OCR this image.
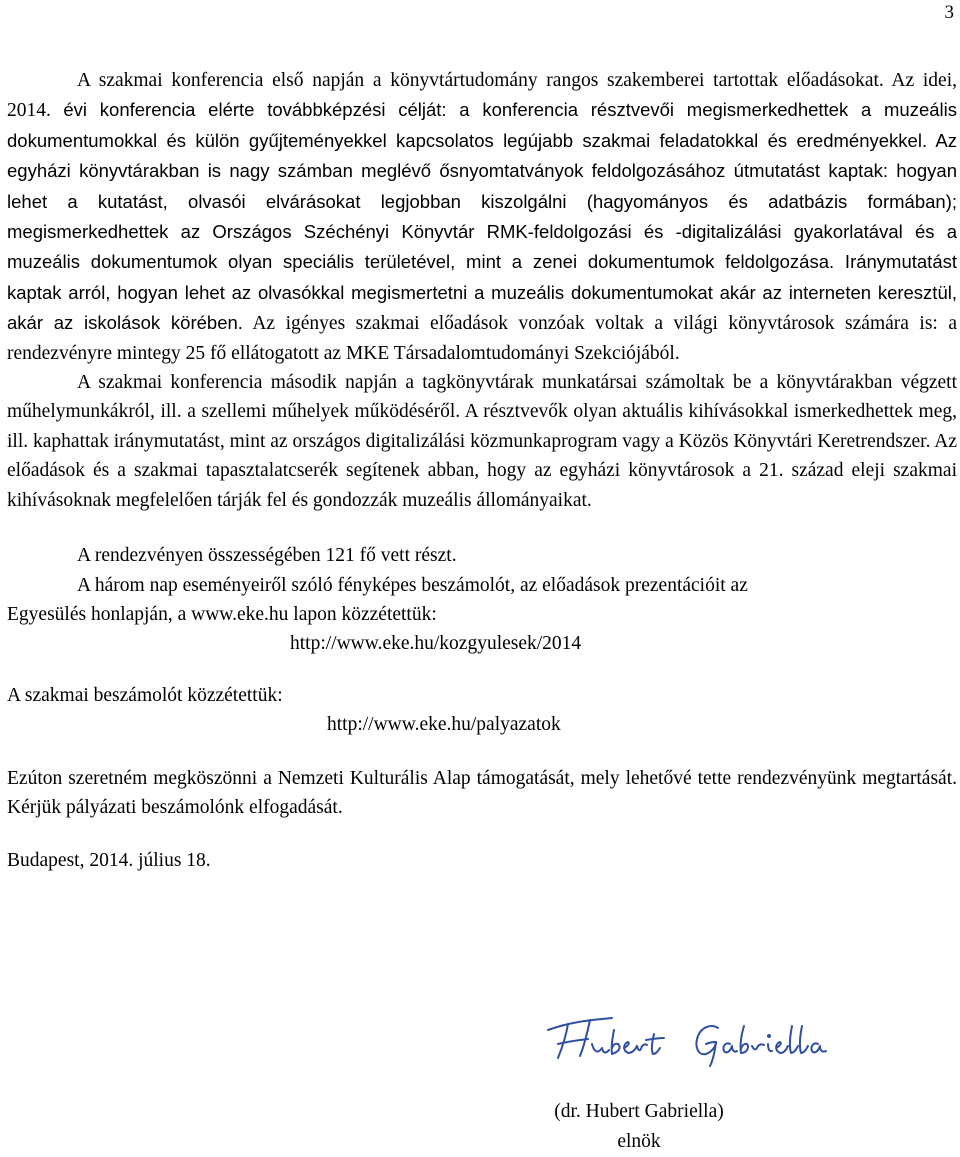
3

A szakmai konferencia első napján a könyvtártudomány rangos szakemberei tartottak előadásokat. Az idei, 2014. évi konferencia elérte továbbképzési célját: a konferencia résztvevői megismerkedhettek a muzeális dokumentumokkal és külön gyűjteményekkel kapcsolatos legújabb szakmai feladatokkal és eredményekkel. Az egyházi könyvtárakban is nagy számban meglévő ősnyomtatványok feldolgozásához útmutatást kaptak: hogyan lehet a kutatást, olvasói elvárásokat legjobban kiszolgálni (hagyományos és adatbázis formában); megismerkedhettek az Országos Széchényi Könyvtár RMK-feldolgozási és -digitalizálási gyakorlatával és a muzeális dokumentumok olyan speciális területével, mint a zenei dokumentumok feldolgozása. Iránymutatást kaptak arról, hogyan lehet az olvasókkal megismertetni a muzeális dokumentumokat akár az interneten keresztül, akár az iskolások körében. Az igényes szakmai előadások vonzóak voltak a világi könyvtárosok számára is: a rendezvényre mintegy 25 fő ellátogatott az MKE Társadalomtudományi Szekciójából.

A szakmai konferencia második napján a tagkönyvtárak munkatársai számoltak be a könyvtárakban végzett műhelymunkákról, ill. a szellemi műhelyek működéséről. A résztvevők olyan aktuális kihívásokkal ismerkedhettek meg, ill. kaphattak iránymutatást, mint az országos digitalizálási közmunkaprogram vagy a Közös Könyvtári Keretrendszer. Az előadások és a szakmai tapasztalatcserék segítenek abban, hogy az egyházi könyvtárosok a 21. század eleji szakmai kihívásoknak megfelelően tárják fel és gondozzák muzeális állományaikat.

A rendezvényen összességében 121 fő vett részt.

A három nap eseményeiről szóló fényképes beszámolót, az előadások prezentációit az

Egyesülés honlapján, a www.eke.hu lapon közzétettük:

http://www.eke.hu/kozgyulesek/2014

A szakmai beszámolót közzétettük:

http://www.eke.hu/palyazatok

Ezúton szeretném megköszönni a Nemzeti Kulturális Alap támogatását, mely lehetővé tette rendezvényünk megtartását. Kérjük pályázati beszámolónk elfogadását.

Budapest, 2014. július 18.

(dr. Hubert Gabriella)
elnök
